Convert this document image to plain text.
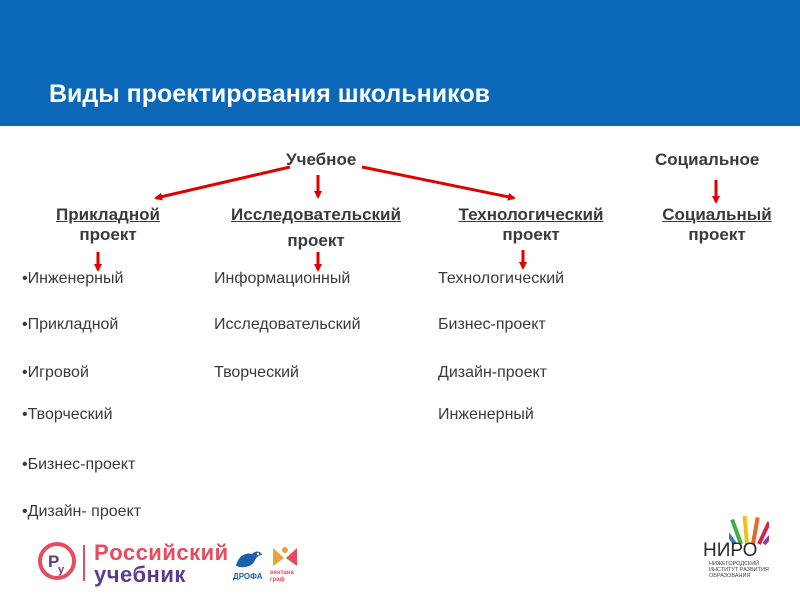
Виды проектирования школьников
Учебное	Социальное
Прикладной
проект
Исследовательский
проект
Технологический
проект
Социальный
проект
•Инженерный
•Прикладной
•Игровой
•Творческий
•Бизнес-проект
•Дизайн- проект
Информационный
Исследовательский
Творческий
Технологический
Бизнес-проект
Дизайн-проект
Инженерный
P
y
Pоссийский
учебник	ДРОФА вентана граф
НИРО
НИЖЕГОРОДСКИЙ ИНСТИТУТ РАЗВИТИЯ ОБРАЗОВАНИЯ
